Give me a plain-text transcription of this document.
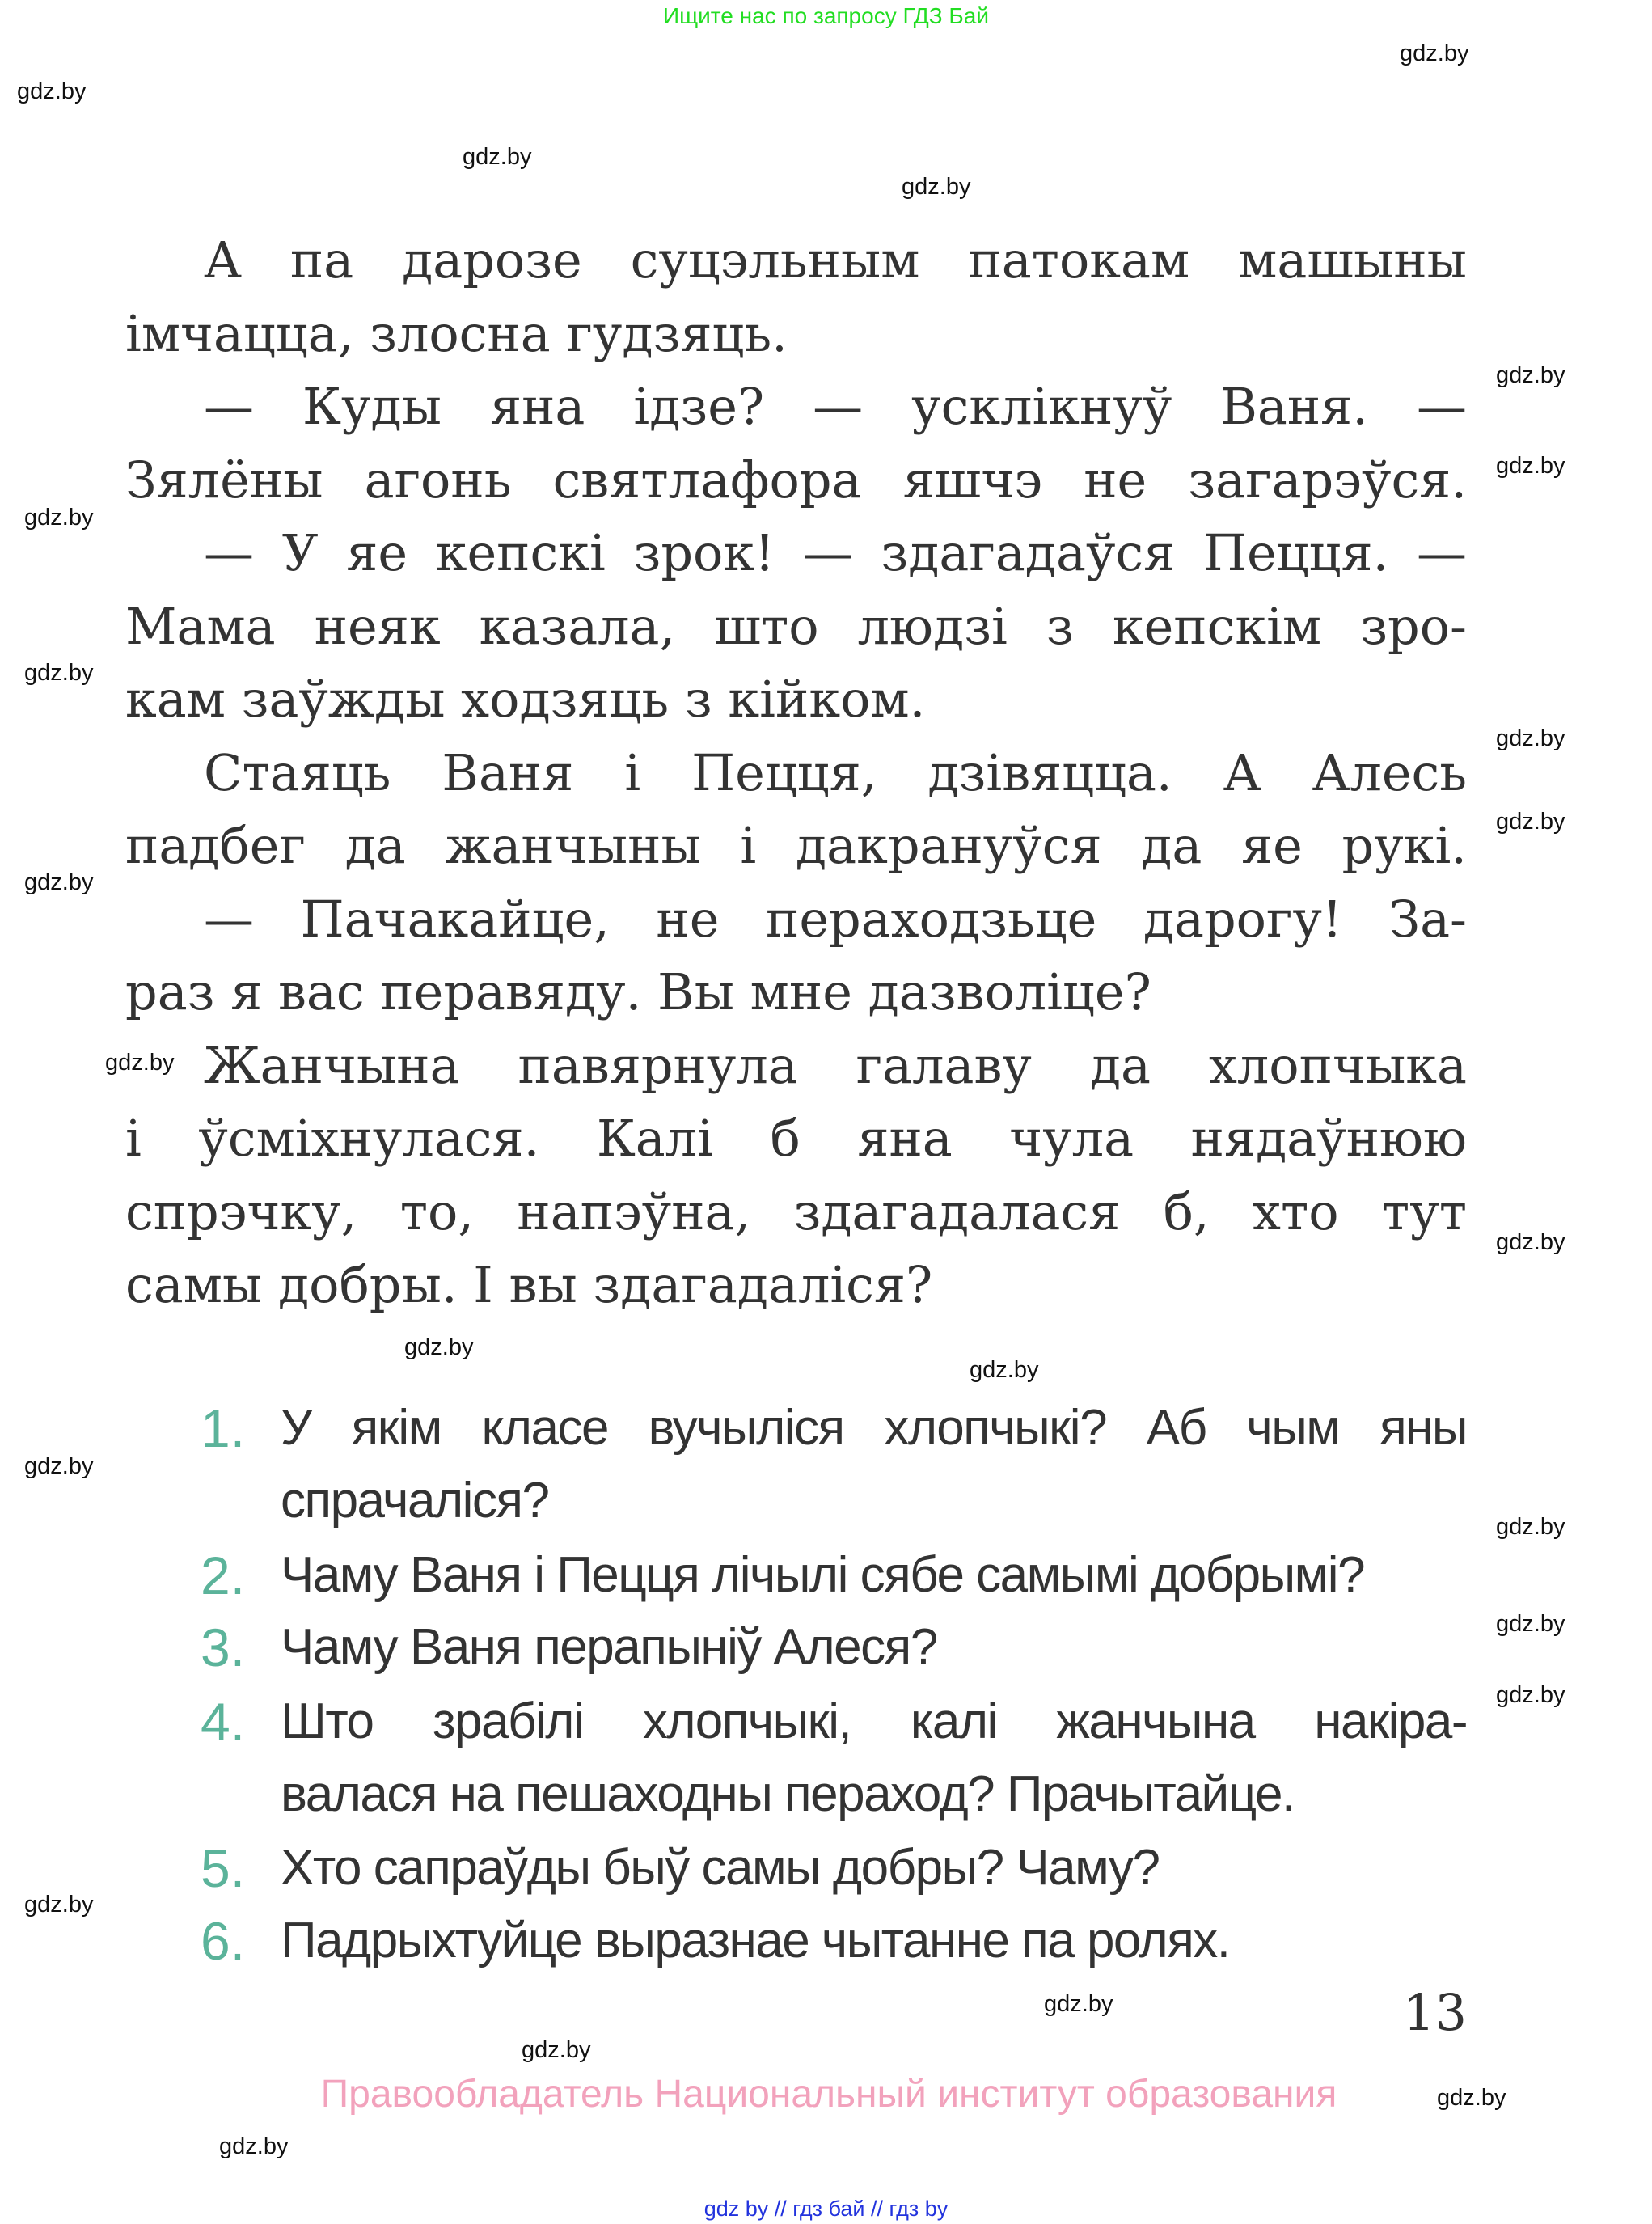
Ищите нас по запросу ГДЗ Бай
А па дарозе суцэльным патокам машыны
імчацца, злосна гудзяць.
— Куды яна ідзе? — усклікнуў Ваня. —
Зялёны агонь святлафора яшчэ не загарэўся.
— У яе кепскі зрок! — здагадаўся Пецця. —
Мама неяк казала, што людзі з кепскім зро-
кам заўжды ходзяць з кійком.
Стаяць Ваня і Пецця, дзівяцца. А Алесь
падбег да жанчыны і дакрануўся да яе рукі.
— Пачакайце, не пераходзьце дарогу! За-
раз я вас перавяду. Вы мне дазволіце?
Жанчына павярнула галаву да хлопчыка
і ўсміхнулася. Калі б яна чула нядаўнюю
спрэчку, то, напэўна, здагадалася б, хто тут
самы добры. І вы здагадаліся?
1. У якім класе вучыліся хлопчыкі? Аб чым яны
спрачаліся?
2. Чаму Ваня і Пецця лічылі сябе самымі добрымі?
3. Чаму Ваня перапыніў Алеся?
4. Што зрабілі хлопчыкі, калі жанчына накіра-
валася на пешаходны пераход? Прачытайце.
5. Хто сапраўды быў самы добры? Чаму?
6. Падрыхтуйце выразнае чытанне па ролях.
13
Правообладатель Национальный институт образования
gdz by // гдз бай // гдз by
gdz.by
gdz.by
gdz.by
gdz.by
gdz.by
gdz.by
gdz.by
gdz.by
gdz.by
gdz.by
gdz.by
gdz.by
gdz.by
gdz.by
gdz.by
gdz.by
gdz.by
gdz.by
gdz.by
gdz.by
gdz.by
gdz.by
gdz.by
gdz.by
